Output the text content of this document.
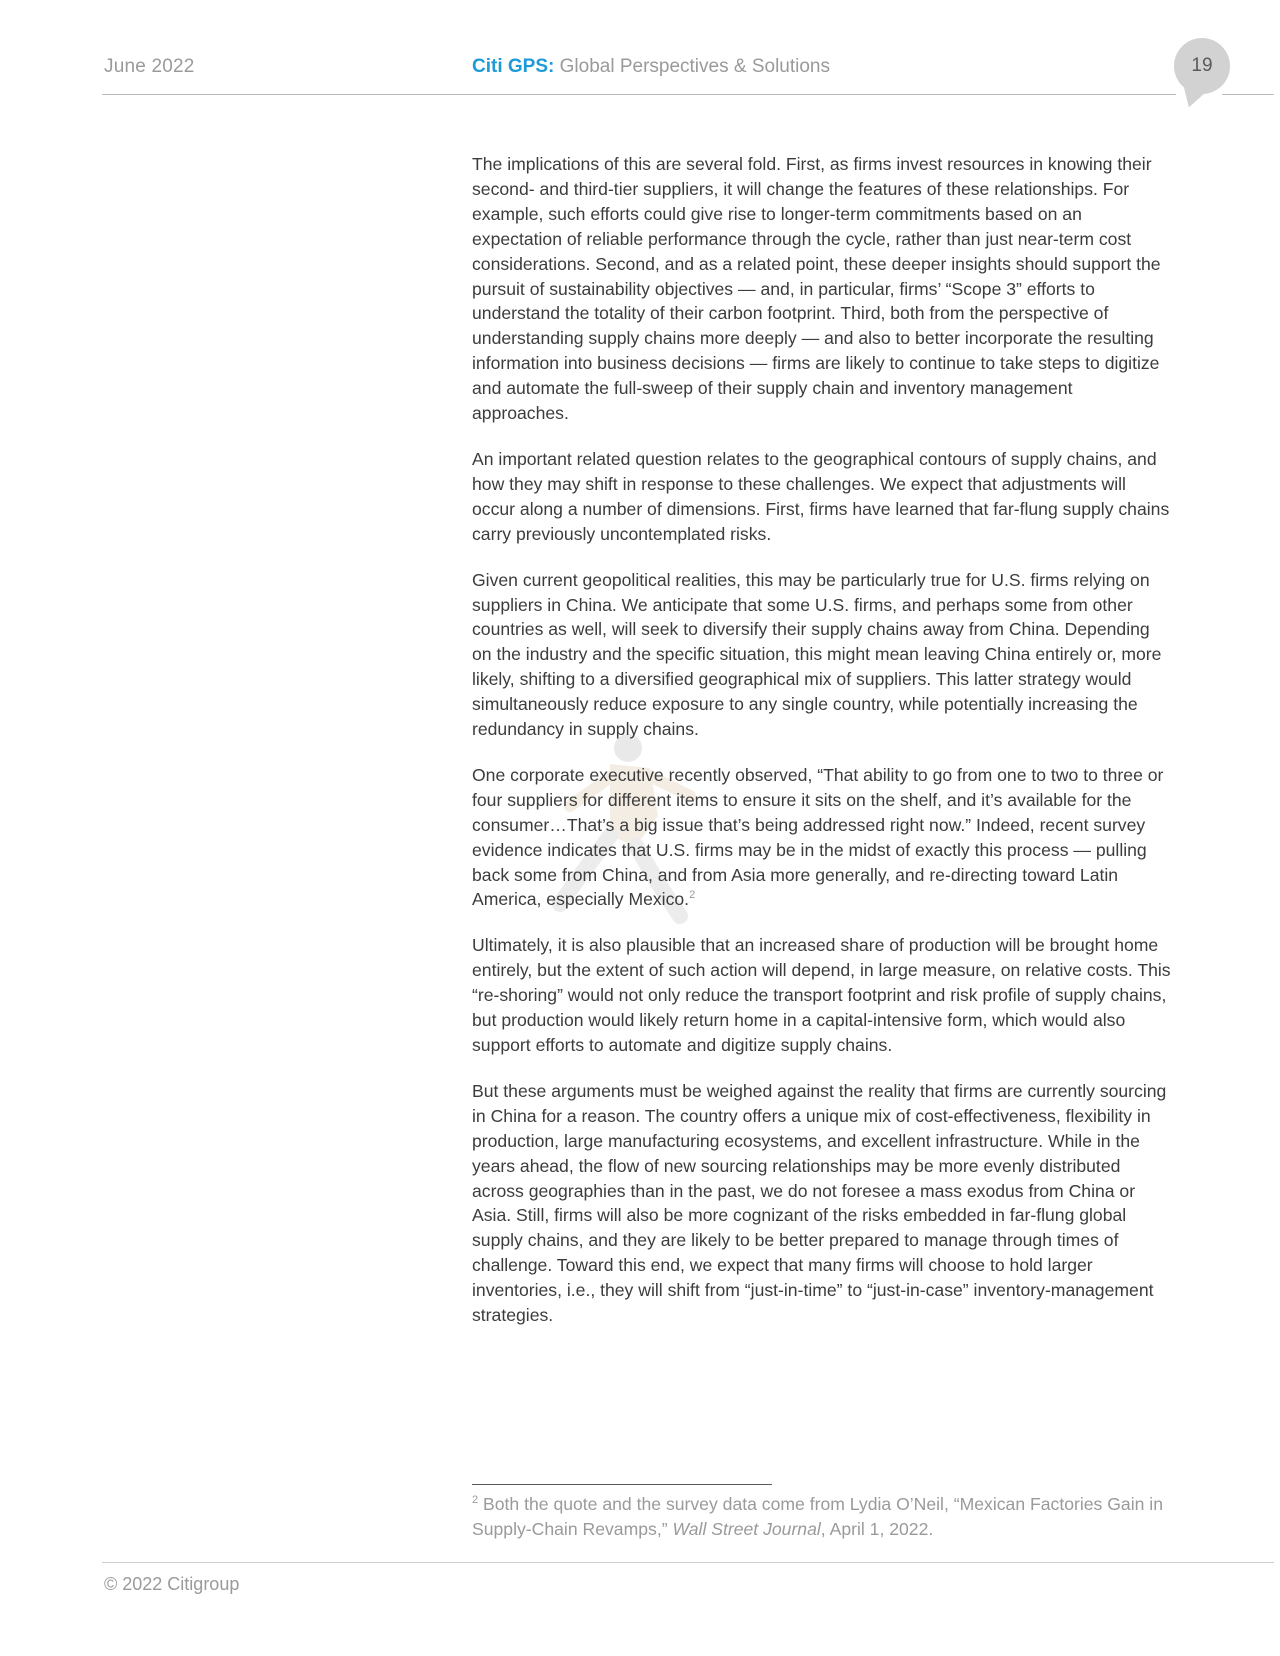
June 2022	Citi GPS: Global Perspectives & Solutions	19

The implications of this are several fold. First, as firms invest resources in knowing their second- and third-tier suppliers, it will change the features of these relationships. For example, such efforts could give rise to longer-term commitments based on an expectation of reliable performance through the cycle, rather than just near-term cost considerations. Second, and as a related point, these deeper insights should support the pursuit of sustainability objectives — and, in particular, firms’ “Scope 3” efforts to understand the totality of their carbon footprint. Third, both from the perspective of understanding supply chains more deeply — and also to better incorporate the resulting information into business decisions — firms are likely to continue to take steps to digitize and automate the full-sweep of their supply chain and inventory management approaches.

An important related question relates to the geographical contours of supply chains, and how they may shift in response to these challenges. We expect that adjustments will occur along a number of dimensions. First, firms have learned that far-flung supply chains carry previously uncontemplated risks.

Given current geopolitical realities, this may be particularly true for U.S. firms relying on suppliers in China. We anticipate that some U.S. firms, and perhaps some from other countries as well, will seek to diversify their supply chains away from China. Depending on the industry and the specific situation, this might mean leaving China entirely or, more likely, shifting to a diversified geographical mix of suppliers. This latter strategy would simultaneously reduce exposure to any single country, while potentially increasing the redundancy in supply chains.

One corporate executive recently observed, “That ability to go from one to two to three or four suppliers for different items to ensure it sits on the shelf, and it’s available for the consumer…That’s a big issue that’s being addressed right now.” Indeed, recent survey evidence indicates that U.S. firms may be in the midst of exactly this process — pulling back some from China, and from Asia more generally, and re-directing toward Latin America, especially Mexico.$^2$

Ultimately, it is also plausible that an increased share of production will be brought home entirely, but the extent of such action will depend, in large measure, on relative costs. This “re-shoring” would not only reduce the transport footprint and risk profile of supply chains, but production would likely return home in a capital-intensive form, which would also support efforts to automate and digitize supply chains.

But these arguments must be weighed against the reality that firms are currently sourcing in China for a reason. The country offers a unique mix of cost-effectiveness, flexibility in production, large manufacturing ecosystems, and excellent infrastructure. While in the years ahead, the flow of new sourcing relationships may be more evenly distributed across geographies than in the past, we do not foresee a mass exodus from China or Asia. Still, firms will also be more cognizant of the risks embedded in far-flung global supply chains, and they are likely to be better prepared to manage through times of challenge. Toward this end, we expect that many firms will choose to hold larger inventories, i.e., they will shift from “just-in-time” to “just-in-case” inventory-management strategies.

$^2$ Both the quote and the survey data come from Lydia O’Neil, “Mexican Factories Gain in Supply-Chain Revamps,” Wall Street Journal, April 1, 2022.
© 2022 Citigroup
